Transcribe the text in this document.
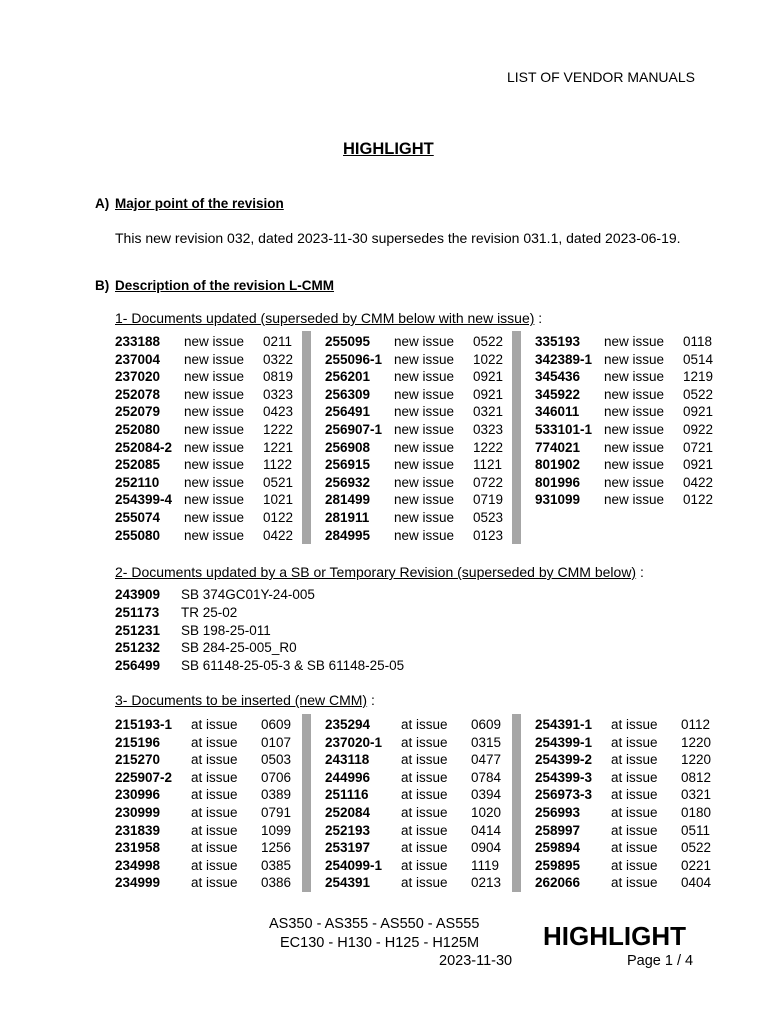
LIST OF VENDOR MANUALS
HIGHLIGHT
A) Major point of the revision
This new revision 032, dated 2023-11-30 supersedes the revision 031.1, dated 2023-06-19.
B) Description of the revision L-CMM
1- Documents updated (superseded by CMM below with new issue) :
233188 new issue 0211
237004 new issue 0322
237020 new issue 0819
252078 new issue 0323
252079 new issue 0423
252080 new issue 1222
252084-2 new issue 1221
252085 new issue 1122
252110 new issue 0521
254399-4 new issue 1021
255074 new issue 0122
255080 new issue 0422
255095 new issue 0522
255096-1 new issue 1022
256201 new issue 0921
256309 new issue 0921
256491 new issue 0321
256907-1 new issue 0323
256908 new issue 1222
256915 new issue 1121
256932 new issue 0722
281499 new issue 0719
281911 new issue 0523
284995 new issue 0123
335193 new issue 0118
342389-1 new issue 0514
345436 new issue 1219
345922 new issue 0522
346011 new issue 0921
533101-1 new issue 0922
774021 new issue 0721
801902 new issue 0921
801996 new issue 0422
931099 new issue 0122
2- Documents updated by a SB or Temporary Revision (superseded by CMM below) :
243909 SB 374GC01Y-24-005
251173 TR 25-02
251231 SB 198-25-011
251232 SB 284-25-005_R0
256499 SB 61148-25-05-3 & SB 61148-25-05
3- Documents to be inserted (new CMM) :
215193-1 at issue 0609
215196 at issue 0107
215270 at issue 0503
225907-2 at issue 0706
230996 at issue 0389
230999 at issue 0791
231839 at issue 1099
231958 at issue 1256
234998 at issue 0385
234999 at issue 0386
235294 at issue 0609
237020-1 at issue 0315
243118 at issue 0477
244996 at issue 0784
251116 at issue 0394
252084 at issue 1020
252193 at issue 0414
253197 at issue 0904
254099-1 at issue 1119
254391 at issue 0213
254391-1 at issue 0112
254399-1 at issue 1220
254399-2 at issue 1220
254399-3 at issue 0812
256973-3 at issue 0321
256993 at issue 0180
258997 at issue 0511
259894 at issue 0522
259895 at issue 0221
262066 at issue 0404
AS350 - AS355 - AS550 - AS555
EC130 - H130 - H125 - H125M
2023-11-30
HIGHLIGHT
Page 1 / 4
